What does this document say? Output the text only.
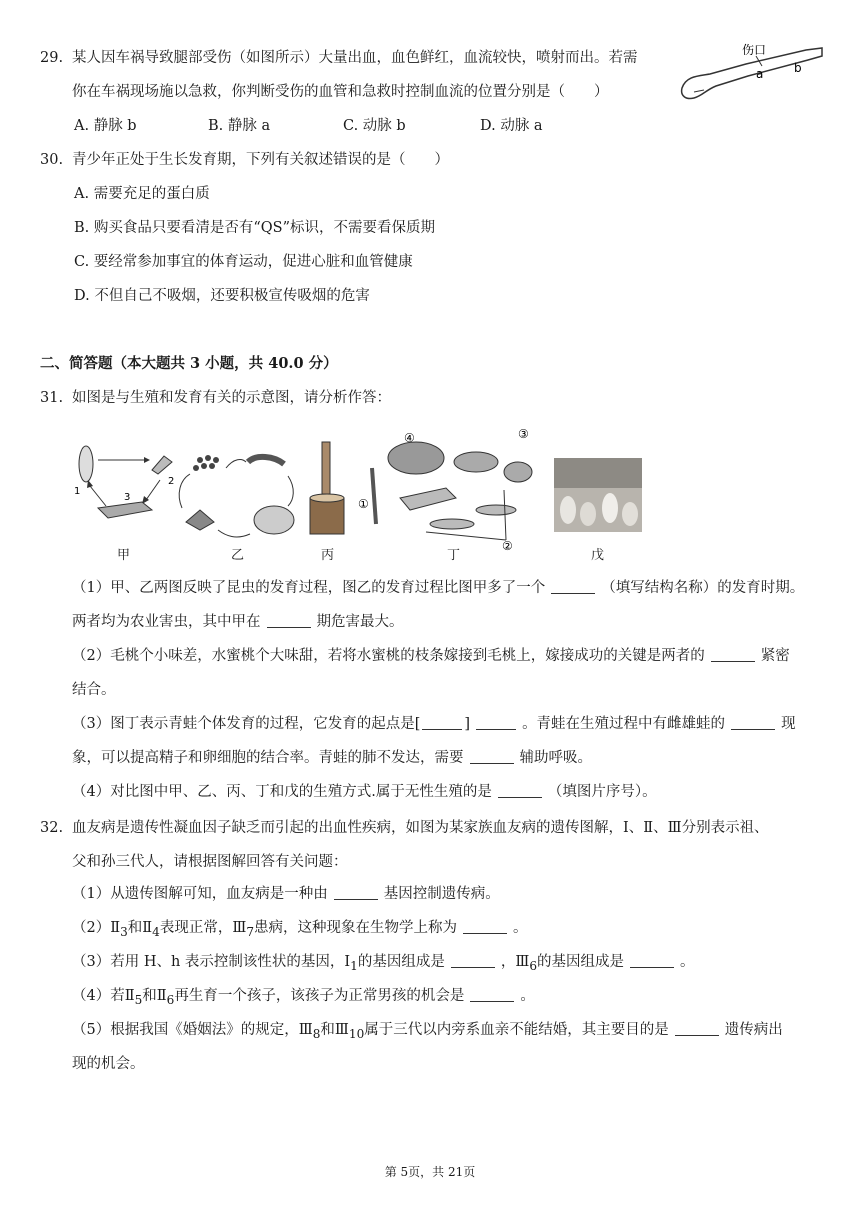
29. 某人因车祸导致腿部受伤（如图所示）大量出血，血色鲜红，血流较快，喷射而出。若需
你在车祸现场施以急救，你判断受伤的血管和急救时控制血流的位置分别是（　　）
A. 静脉 b	B. 静脉 a	C. 动脉 b	D. 动脉 a
伤口
a	b
30. 青少年正处于生长发育期，下列有关叙述错误的是（　　）
A. 需要充足的蛋白质
B. 购买食品只要看清是否有“QS”标识，不需要看保质期
C. 要经常参加事宜的体育运动，促进心脏和血管健康
D. 不但自己不吸烟，还要积极宣传吸烟的危害
二、简答题（本大题共 3 小题，共 40.0 分）
31. 如图是与生殖和发育有关的示意图，请分析作答：
1
2
3
甲	乙	丙
④	③
①
②
丁	戊
（1）甲、乙两图反映了昆虫的发育过程，图乙的发育过程比图甲多了一个	（填写结构名称）的发育时期。
两者均为农业害虫，其中甲在	期危害最大。
（2）毛桃个小味差，水蜜桃个大味甜，若将水蜜桃的枝条嫁接到毛桃上，嫁接成功的关键是两者的	紧密
结合。
（3）图丁表示青蛙个体发育的过程，它发育的起点是[	]	。青蛙在生殖过程中有雌雄蛙的	现
象，可以提高精子和卵细胞的结合率。青蛙的肺不发达，需要	辅助呼吸。
（4）对比图中甲、乙、丙、丁和戊的生殖方式.属于无性生殖的是	（填图片序号）。
32. 血友病是遗传性凝血因子缺乏而引起的出血性疾病，如图为某家族血友病的遗传图解，Ⅰ、Ⅱ、Ⅲ分别表示祖、
父和孙三代人，请根据图解回答有关问题：
（1）从遗传图解可知，血友病是一种由	基因控制遗传病。
$(2)Ⅱ_3$和$Ⅱ_4$表现正常，$Ⅲ_7$患病，这种现象在生物学上称为	。
（3）若用 H、h 表示控制该性状的基因，$Ⅰ_1$的基因组成是	，$Ⅲ_6$的基因组成是	。
（4）若$Ⅱ_5$和$Ⅱ_6$再生育一个孩子，该孩子为正常男孩的机会是	。
（5）根据我国《婚姻法》的规定，$Ⅲ_8$和$Ⅲ_{10}$属于三代以内旁系血亲不能结婚，其主要目的是	遗传病出
现的机会。
第 5页，共 21页
